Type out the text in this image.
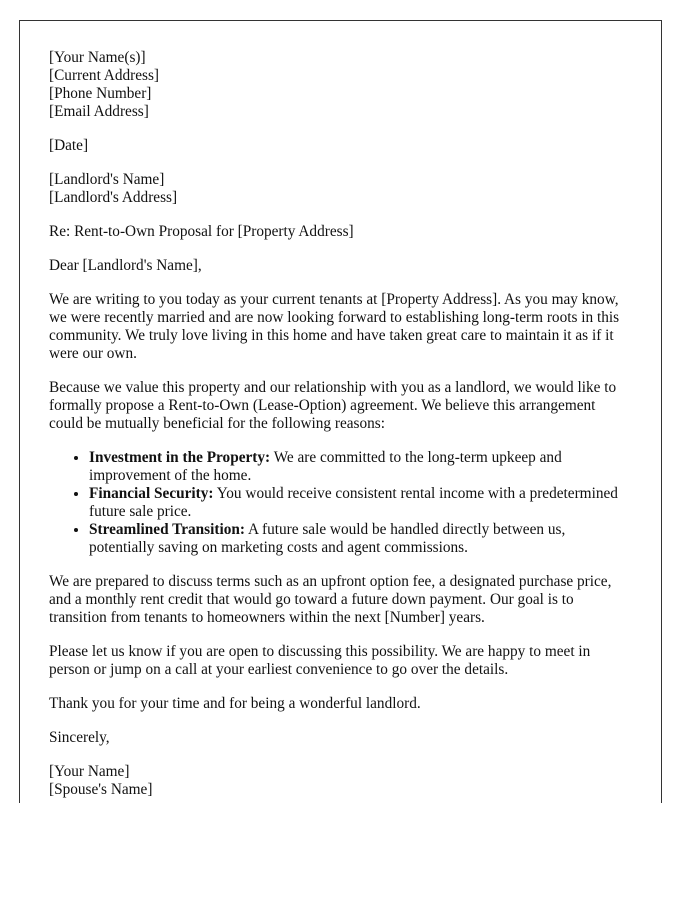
[Your Name(s)]
[Current Address]
[Phone Number]
[Email Address]

[Date]

[Landlord's Name]
[Landlord's Address]

Re: Rent-to-Own Proposal for [Property Address]

Dear [Landlord's Name],

We are writing to you today as your current tenants at [Property Address]. As you may know, we were recently married and are now looking forward to establishing long-term roots in this community. We truly love living in this home and have taken great care to maintain it as if it were our own.

Because we value this property and our relationship with you as a landlord, we would like to formally propose a Rent-to-Own (Lease-Option) agreement. We believe this arrangement could be mutually beneficial for the following reasons:

• Investment in the Property: We are committed to the long-term upkeep and improvement of the home.
• Financial Security: You would receive consistent rental income with a predetermined future sale price.
• Streamlined Transition: A future sale would be handled directly between us, potentially saving on marketing costs and agent commissions.

We are prepared to discuss terms such as an upfront option fee, a designated purchase price, and a monthly rent credit that would go toward a future down payment. Our goal is to transition from tenants to homeowners within the next [Number] years.

Please let us know if you are open to discussing this possibility. We are happy to meet in person or jump on a call at your earliest convenience to go over the details.

Thank you for your time and for being a wonderful landlord.

Sincerely,

[Your Name]
[Spouse's Name]
